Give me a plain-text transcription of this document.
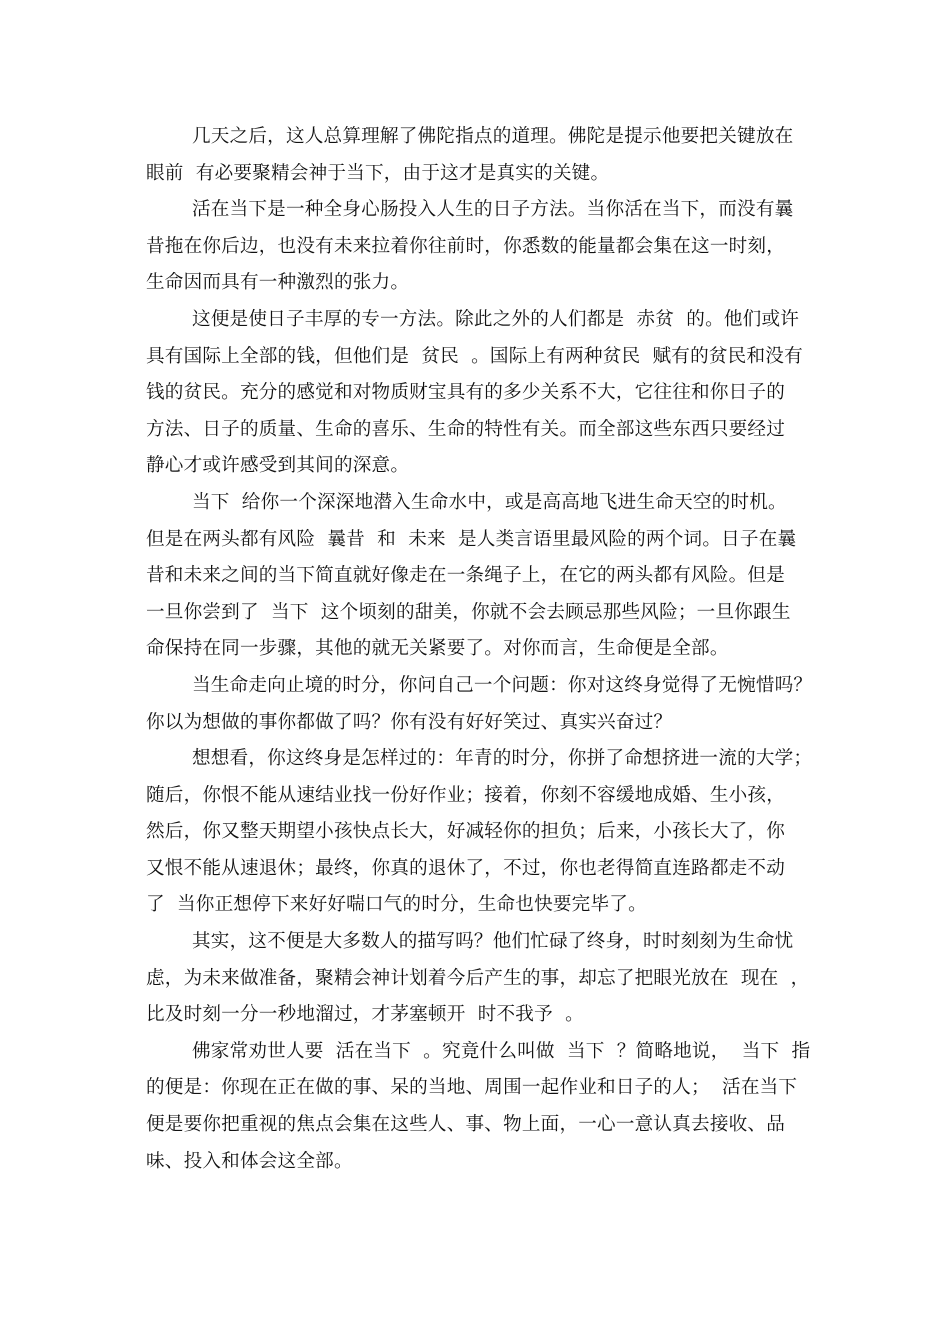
几天之后，这人总算理解了佛陀指点的道理。佛陀是提示他要把关键放在
眼前  有必要聚精会神于当下，由于这才是真实的关键。

活在当下是一种全身心肠投入人生的日子方法。当你活在当下，而没有曩
昔拖在你后边，也没有未来拉着你往前时，你悉数的能量都会集在这一时刻，
生命因而具有一种激烈的张力。

这便是使日子丰厚的专一方法。除此之外的人们都是  赤贫  的。他们或许
具有国际上全部的钱，但他们是  贫民  。国际上有两种贫民  赋有的贫民和没有
钱的贫民。充分的感觉和对物质财宝具有的多少关系不大，它往往和你日子的
方法、日子的质量、生命的喜乐、生命的特性有关。而全部这些东西只要经过
静心才或许感受到其间的深意。

当下  给你一个深深地潜入生命水中，或是高高地飞进生命天空的时机。
但是在两头都有风险  曩昔  和  未来  是人类言语里最风险的两个词。日子在曩
昔和未来之间的当下简直就好像走在一条绳子上，在它的两头都有风险。但是
一旦你尝到了  当下  这个顷刻的甜美，你就不会去顾忌那些风险；一旦你跟生
命保持在同一步骤，其他的就无关紧要了。对你而言，生命便是全部。

当生命走向止境的时分，你问自己一个问题：你对这终身觉得了无惋惜吗？
你以为想做的事你都做了吗？你有没有好好笑过、真实兴奋过？

想想看，你这终身是怎样过的：年青的时分，你拼了命想挤进一流的大学；
随后，你恨不能从速结业找一份好作业；接着，你刻不容缓地成婚、生小孩，
然后，你又整天期望小孩快点长大，好减轻你的担负；后来，小孩长大了，你
又恨不能从速退休；最终，你真的退休了，不过，你也老得简直连路都走不动
了  当你正想停下来好好喘口气的时分，生命也快要完毕了。

其实，这不便是大多数人的描写吗？他们忙碌了终身，时时刻刻为生命忧
虑，为未来做准备，聚精会神计划着今后产生的事，却忘了把眼光放在  现在  ，
比及时刻一分一秒地溜过，才茅塞顿开  时不我予  。

佛家常劝世人要  活在当下  。究竟什么叫做  当下  ？简略地说，  当下  指
的便是：你现在正在做的事、呆的当地、周围一起作业和日子的人；  活在当下
便是要你把重视的焦点会集在这些人、事、物上面，一心一意认真去接收、品
味、投入和体会这全部。
